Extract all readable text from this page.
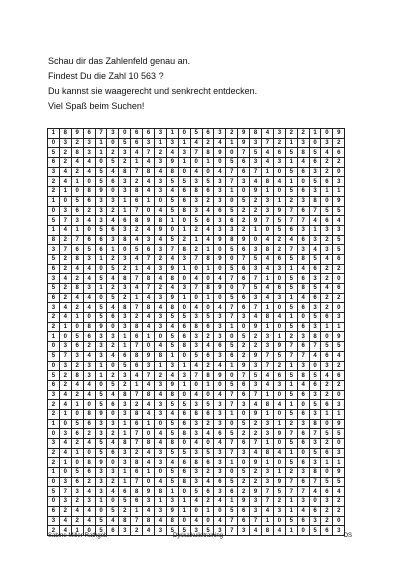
Schau dir das Zahlenfeld genau an.
Findest Du die Zahl 10 563 ?
Du kannst sie waagerecht und senkrecht entdecken.
Viel Spaß beim Suchen!
1	8	9	6	7	3	0	6	6	3	1	0	5	6	3	2	9	8	4	3	2	2	1	0	9
0	3	2	3	1	0	5	6	3	1	3	1	4	2	4	1	9	3	7	2	1	3	0	3	2
5	2	8	3	1	2	3	4	7	2	4	3	7	8	9	0	7	5	4	6	5	8	5	4	6
6	2	4	4	0	5	2	1	4	3	9	1	0	1	0	5	6	3	4	3	1	4	6	2	2
3	4	2	4	5	4	8	7	8	4	8	0	4	0	4	7	6	7	1	0	5	6	3	2	0
2	4	1	0	5	6	3	2	4	3	5	5	3	5	3	7	3	4	8	4	1	0	5	6	3
2	1	0	8	9	0	3	8	4	3	4	6	8	6	3	1	0	9	1	0	5	6	3	1	1
1	0	5	6	3	3	1	6	1	0	5	6	3	2	3	0	5	2	3	1	2	3	8	0	9
0	3	6	2	3	2	1	7	0	4	5	8	3	4	6	5	2	2	3	9	7	6	7	5	5
5	7	3	4	3	4	6	8	9	8	1	0	5	6	3	6	2	9	7	5	7	7	4	6	4
1	4	1	0	5	6	3	2	4	9	0	1	2	4	3	3	2	1	0	5	6	3	1	3	3
8	2	7	6	6	3	8	4	3	4	5	2	1	4	9	8	9	0	4	2	4	6	3	2	5
3	7	6	5	6	1	0	5	6	3	7	8	2	1	0	5	6	3	8	2	7	3	4	3	5
5	2	8	3	1	2	3	4	7	2	4	3	7	8	9	0	7	5	4	6	5	8	5	4	6
6	2	4	4	0	5	2	1	4	3	9	1	0	1	0	5	6	3	4	3	1	4	6	2	2
3	4	2	4	5	4	8	7	8	4	8	0	4	0	4	7	6	7	1	0	5	6	3	2	0
5	2	8	3	1	2	3	4	7	2	4	3	7	8	9	0	7	5	4	6	5	8	5	4	6
6	2	4	4	0	5	2	1	4	3	9	1	0	1	0	5	6	3	4	3	1	4	6	2	2
3	4	2	4	5	4	8	7	8	4	8	0	4	0	4	7	6	7	1	0	5	6	3	2	0
2	4	1	0	5	6	3	2	4	3	5	5	3	5	3	7	3	4	8	4	1	0	5	6	3
2	1	0	8	9	0	3	8	4	3	4	6	8	6	3	1	0	9	1	0	5	6	3	1	1
1	0	5	6	3	3	1	6	1	0	5	6	3	2	3	0	5	2	3	1	2	3	8	0	9
0	3	6	2	3	2	1	7	0	4	5	8	3	4	6	5	2	2	3	9	7	6	7	5	5
5	7	3	4	3	4	6	8	9	8	1	0	5	6	3	6	2	9	7	5	7	7	4	6	4
0	3	2	3	1	0	5	6	3	1	3	1	4	2	4	1	9	3	7	2	1	3	0	3	2
5	2	8	3	1	2	3	4	7	2	4	3	7	8	9	0	7	5	4	6	5	8	5	4	6
6	2	4	4	0	5	2	1	4	3	9	1	0	1	0	5	6	3	4	3	1	4	6	2	2
3	4	2	4	5	4	8	7	8	4	8	0	4	0	4	7	6	7	1	0	5	6	3	2	0
2	4	1	0	5	6	3	2	4	3	5	5	3	5	3	7	3	4	8	4	1	0	5	6	3
2	1	0	8	9	0	3	8	4	3	4	6	8	6	3	1	0	9	1	0	5	6	3	1	1
1	0	5	6	3	3	1	6	1	0	5	6	3	2	3	0	5	2	3	1	2	3	8	0	9
0	3	6	2	3	2	1	7	0	4	5	8	3	4	6	5	2	2	3	9	7	6	7	5	5
3	4	2	4	5	4	8	7	8	4	8	0	4	0	4	7	6	7	1	0	5	6	3	2	0
2	4	1	0	5	6	3	2	4	3	5	5	3	5	3	7	3	4	8	4	1	0	5	6	3
2	1	0	8	9	0	3	8	4	3	4	6	8	6	3	1	0	9	1	0	5	6	3	1	1
1	0	5	6	3	3	1	6	1	0	5	6	3	2	3	0	5	2	3	1	2	3	8	0	9
0	3	6	2	3	2	1	7	0	4	5	8	3	4	6	5	2	2	3	9	7	6	7	5	5
5	7	3	4	3	4	6	8	9	8	1	0	5	6	3	6	2	9	7	5	7	7	4	6	4
0	3	2	3	1	0	5	6	3	1	3	1	4	2	4	1	9	3	7	2	1	3	0	3	2
6	2	4	4	0	5	2	1	4	3	9	1	0	1	0	5	6	3	4	3	1	4	6	2	2
3	4	2	4	5	4	8	7	8	4	8	0	4	0	4	7	6	7	1	0	5	6	3	2	0
2	4	1	0	5	6	3	2	4	3	5	5	3	5	3	7	3	4	8	4	1	0	5	6	3
Sabine Miller-Rathgeb	Dyskalkulietraining	OS
